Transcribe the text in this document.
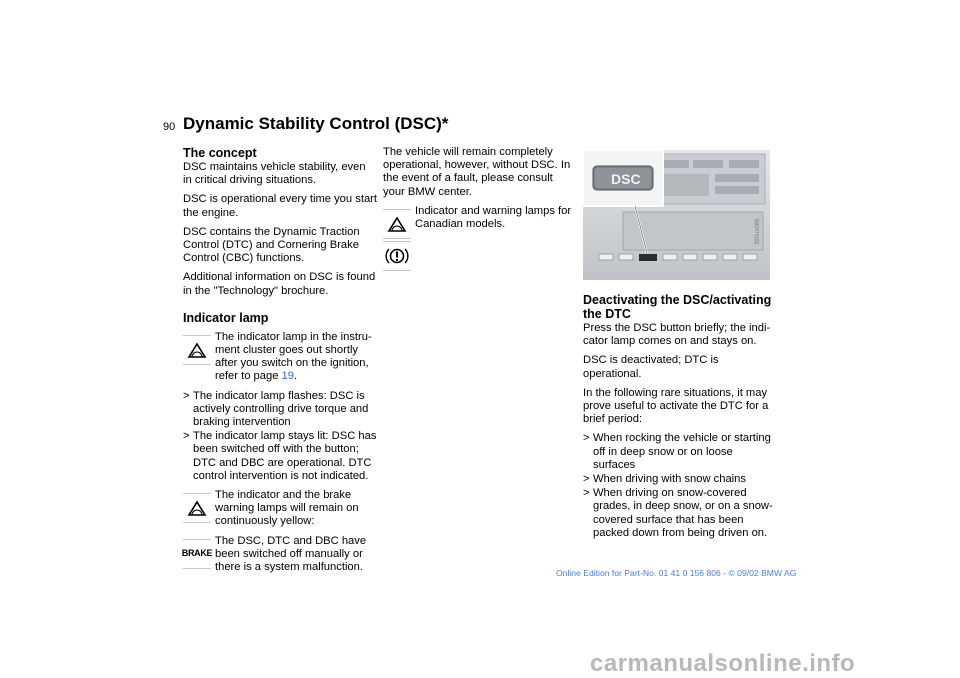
90 Dynamic Stability Control (DSC)*
The concept

DSC maintains vehicle stability, even in critical driving situations.

DSC is operational every time you start the engine.

DSC contains the Dynamic Traction Control (DTC) and Cornering Brake Control (CBC) functions.

Additional information on DSC is found in the "Technology" brochure.

Indicator lamp
The indicator lamp in the instru-ment cluster goes out shortly after you switch on the ignition, refer to page 19.
> The indicator lamp flashes: DSC is actively controlling drive torque and braking intervention
> The indicator lamp stays lit: DSC has been switched off with the button; DTC and DBC are operational. DTC control intervention is not indicated.
The indicator and the brake warning lamps will remain on continuously yellow:
BRAKE
The DSC, DTC and DBC have been switched off manually or there is a system malfunction.

The vehicle will remain completely operational, however, without DSC. In the event of a fault, please consult your BMW center.

Indicator and warning lamps for Canadian models.
DSC
390us086
Deactivating the DSC/activating the DTC

Press the DSC button briefly; the indi-cator lamp comes on and stays on.

DSC is deactivated; DTC is operational.

In the following rare situations, it may prove useful to activate the DTC for a brief period:

> When rocking the vehicle or starting off in deep snow or on loose surfaces
> When driving with snow chains
> When driving on snow-covered grades, in deep snow, or on a snow-covered surface that has been packed down from being driven on.
Online Edition for Part-No. 01 41 0 156 806 - © 09/02 BMW AG
carmanualsonline.info
